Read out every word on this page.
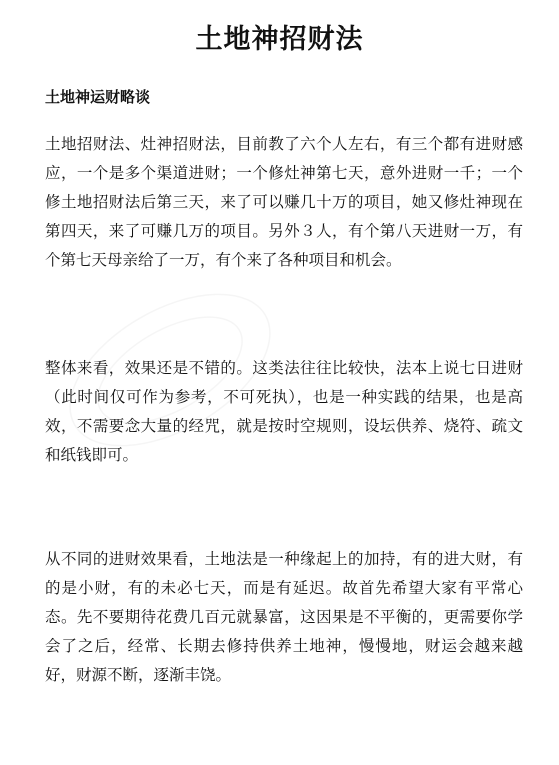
土地神招财法
土地神运财略谈
土地招财法、灶神招财法，目前教了六个人左右，有三个都有进财感应，一个是多个渠道进财；一个修灶神第七天，意外进财一千；一个修土地招财法后第三天，来了可以赚几十万的项目，她又修灶神现在第四天，来了可赚几万的项目。另外３人，有个第八天进财一万，有个第七天母亲给了一万，有个来了各种项目和机会。
整体来看，效果还是不错的。这类法往往比较快，法本上说七日进财（此时间仅可作为参考，不可死执），也是一种实践的结果，也是高效，不需要念大量的经咒，就是按时空规则，设坛供养、烧符、疏文和纸钱即可。
从不同的进财效果看，土地法是一种缘起上的加持，有的进大财，有的是小财，有的未必七天，而是有延迟。故首先希望大家有平常心态。先不要期待花费几百元就暴富，这因果是不平衡的，更需要你学会了之后，经常、长期去修持供养土地神，慢慢地，财运会越来越好，财源不断，逐渐丰饶。
